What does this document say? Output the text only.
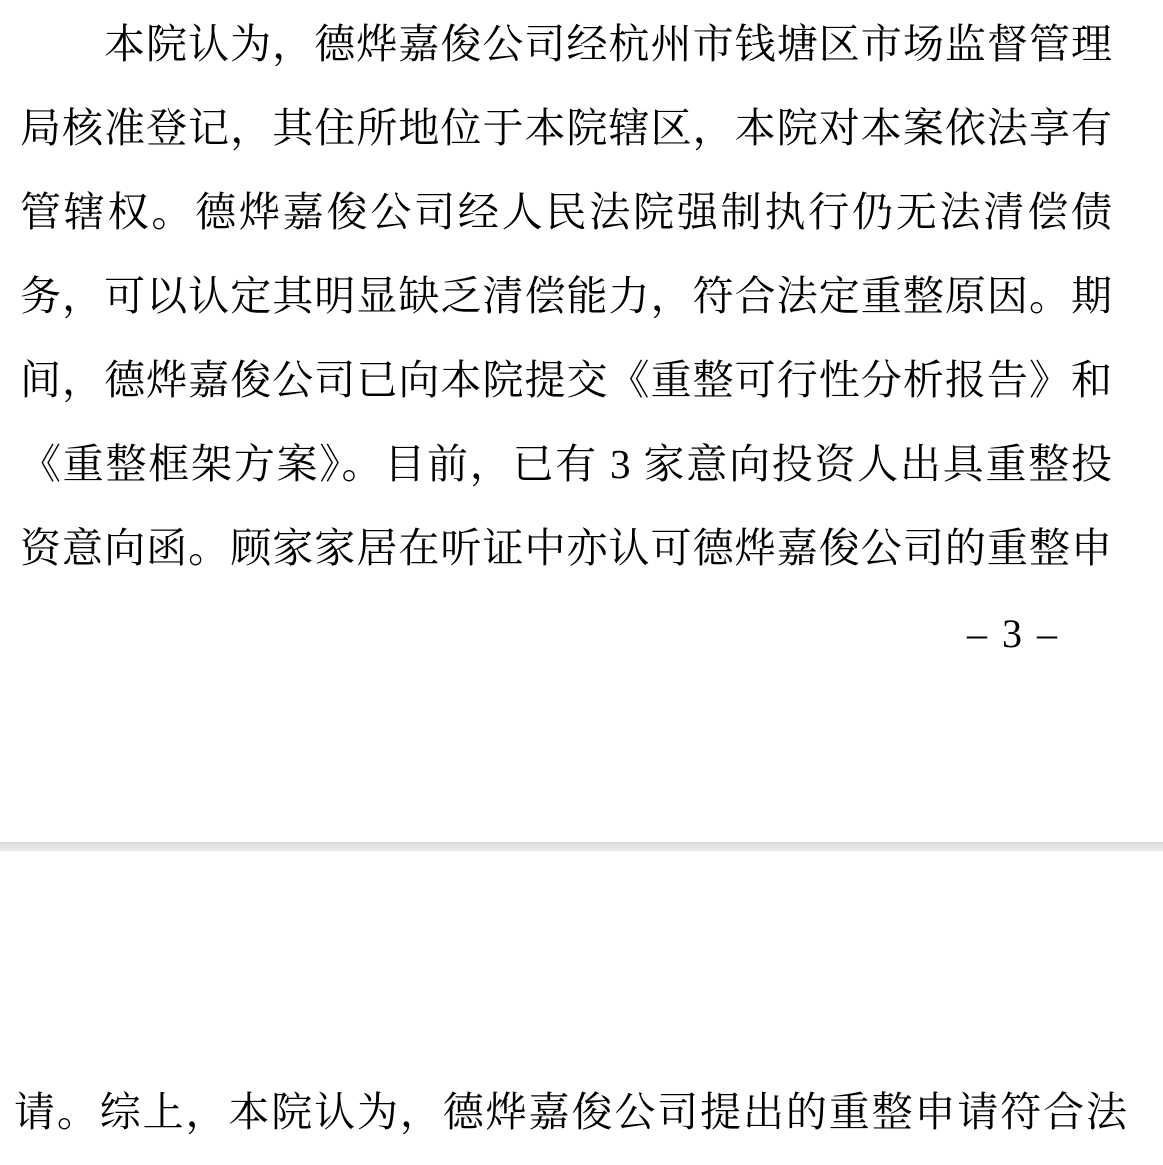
本院认为，德烨嘉俊公司经杭州市钱塘区市场监督管理
局核准登记，其住所地位于本院辖区，本院对本案依法享有
管辖权。德烨嘉俊公司经人民法院强制执行仍无法清偿债
务，可以认定其明显缺乏清偿能力，符合法定重整原因。期
间，德烨嘉俊公司已向本院提交《重整可行性分析报告》和
《重整框架方案》。目前，已有 3 家意向投资人出具重整投
资意向函。顾家家居在听证中亦认可德烨嘉俊公司的重整申
– 3 –
请。综上，本院认为，德烨嘉俊公司提出的重整申请符合法
